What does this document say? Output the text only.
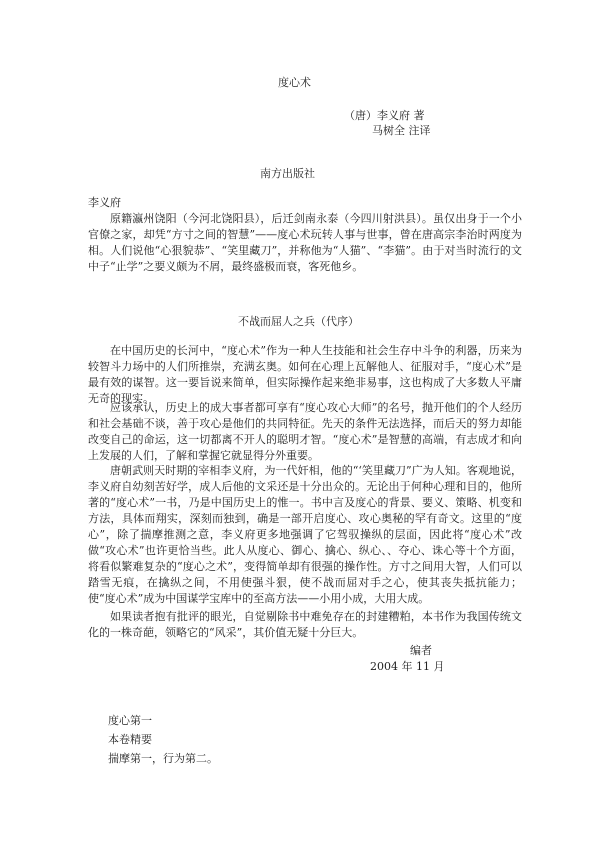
度心术

（唐）李义府 著

马树全 注译

南方出版社

李义府

原籍瀛州饶阳（今河北饶阳县），后迁剑南永泰（今四川射洪县）。虽仅出身于一个小官僚之家，却凭“方寸之间的智慧”——度心术玩转人事与世事，曾在唐高宗李治时两度为相。人们说他“心狠貌恭”、“笑里藏刀”，并称他为“人猫”、“李猫”。由于对当时流行的文中子“止学”之要义颇为不屑，最终盛极而衰，客死他乡。

不战而屈人之兵（代序）

在中国历史的长河中，“度心术”作为一种人生技能和社会生存中斗争的利器，历来为较智斗力场中的人们所推崇，充满玄奥。如何在心理上瓦解他人、征服对手，“度心术”是最有效的谋智。这一要旨说来简单，但实际操作起来绝非易事，这也构成了大多数人平庸无奇的现实。

应该承认，历史上的成大事者都可享有“度心攻心大师”的名号，抛开他们的个人经历和社会基础不谈，善于攻心是他们的共同特征。先天的条件无法选择，而后天的努力却能改变自己的命运，这一切都离不开人的聪明才智。“度心术”是智慧的高端，有志成才和向上发展的人们，了解和掌握它就显得分外重要。

唐朝武则天时期的宰相李义府，为一代奸相，他的“‘笑里藏刀”广为人知。客观地说，李义府自幼刻苦好学，成人后他的文采还是十分出众的。无论出于何种心理和目的，他所著的“度心术”一书，乃是中国历史上的惟一。书中言及度心的背景、要义、策略、机变和方法，具体而翔实，深刻而独到，确是一部开启度心、攻心奥秘的罕有奇文。这里的“度心”，除了揣摩推测之意，李义府更多地强调了它驾驭操纵的层面，因此将“度心术”改做“攻心术”也许更恰当些。此人从度心、御心、擒心、纵心、、夺心、诛心等十个方面，将看似繁难复杂的“度心之术”，变得简单却有很强的操作性。方寸之间用大智，人们可以踏雪无痕，在擒纵之间，不用使强斗狠，使不战而屈对手之心，使其丧失抵抗能力；使“度心术”成为中国谋学宝库中的至高方法——小用小成，大用大成。

如果读者抱有批评的眼光，自觉剔除书中难免存在的封建糟粕，本书作为我国传统文化的一株奇葩，领略它的“风采”，其价值无疑十分巨大。

编者

2004 年 11 月

度心第一

本卷精要

揣摩第一，行为第二。
